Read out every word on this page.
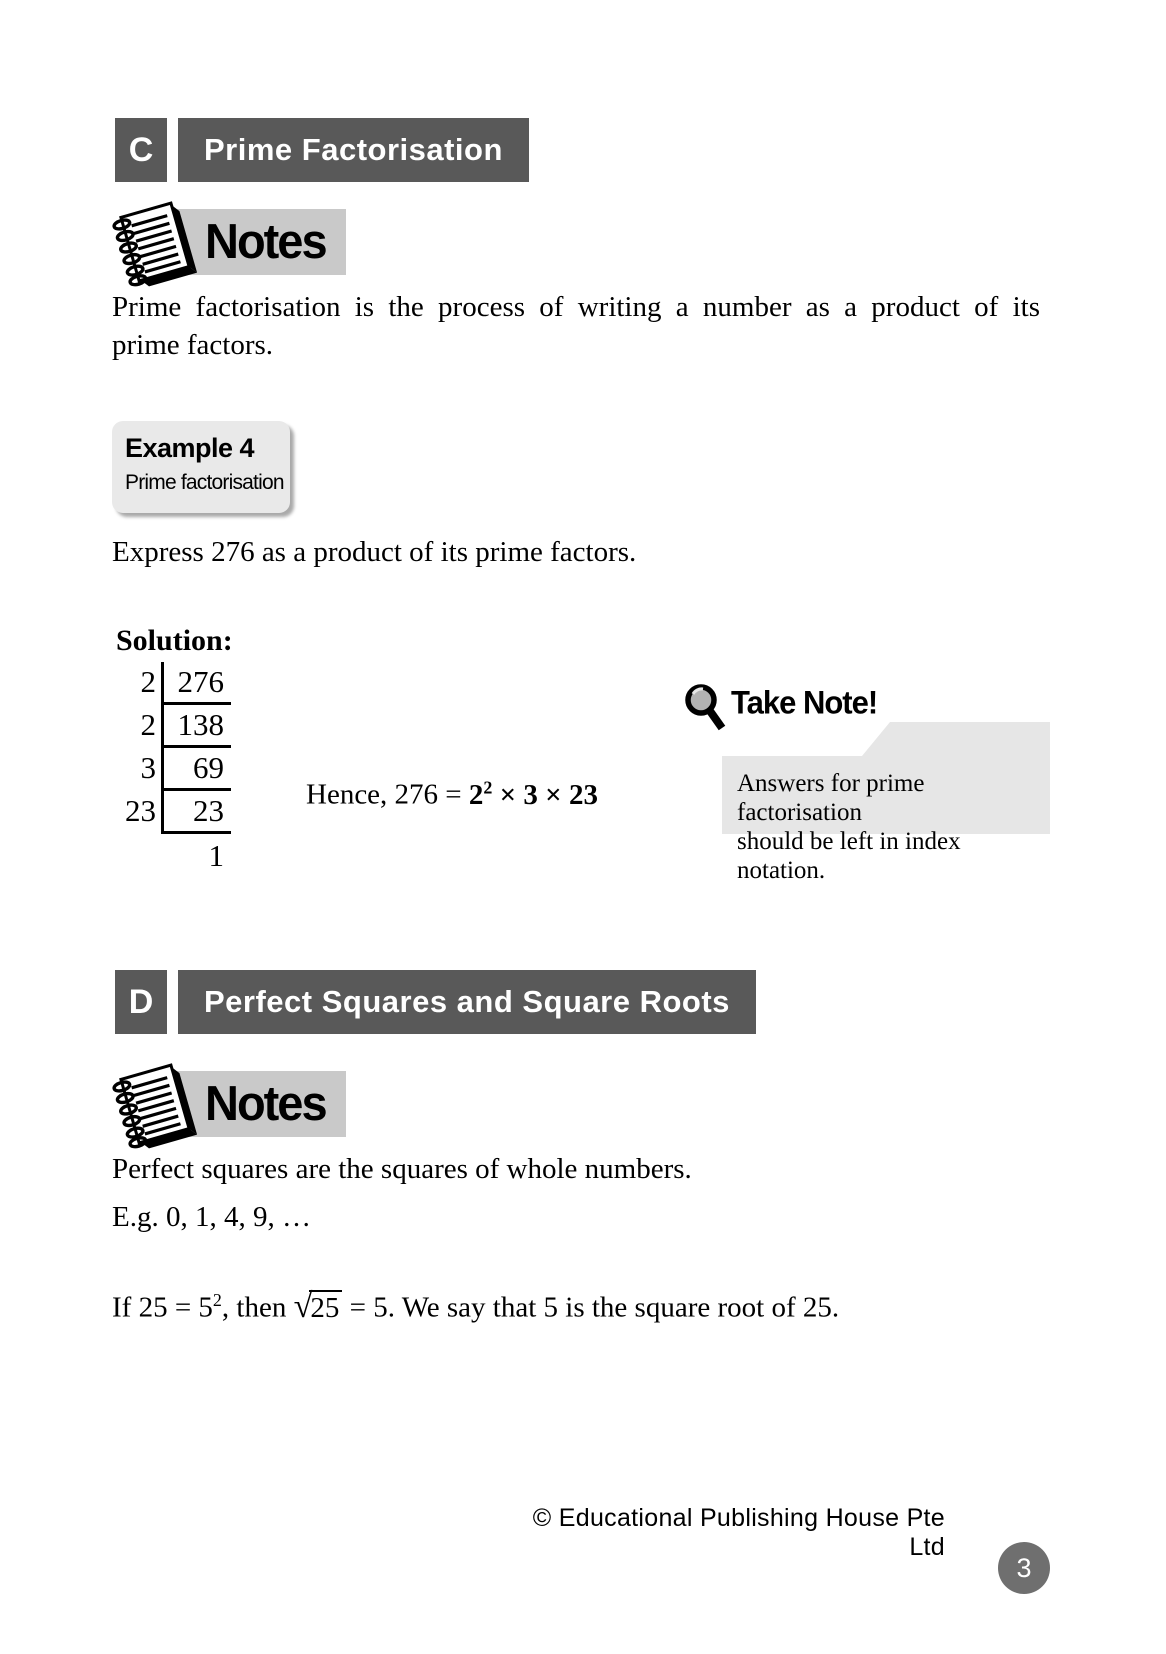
C	Prime Factorisation
Notes
Prime factorisation is the process of writing a number as a product of its
prime factors.
Example 4
Prime factorisation
Express 276 as a product of its prime factors.
Solution:
2 276
2 138
3	69
23	23
1
Hence, $276 = 2^2 \times 3 \times 23$
Take Note!
Answers for prime factorisation
should be left in index notation.
D	Perfect Squares and Square Roots
Notes
Perfect squares are the squares of whole numbers.
E.g. 0, 1, 4, 9, …
If $25 = 5^2$, then √25 = 5. We say that 5 is the square root of 25.
© Educational Publishing House Pte Ltd
3
